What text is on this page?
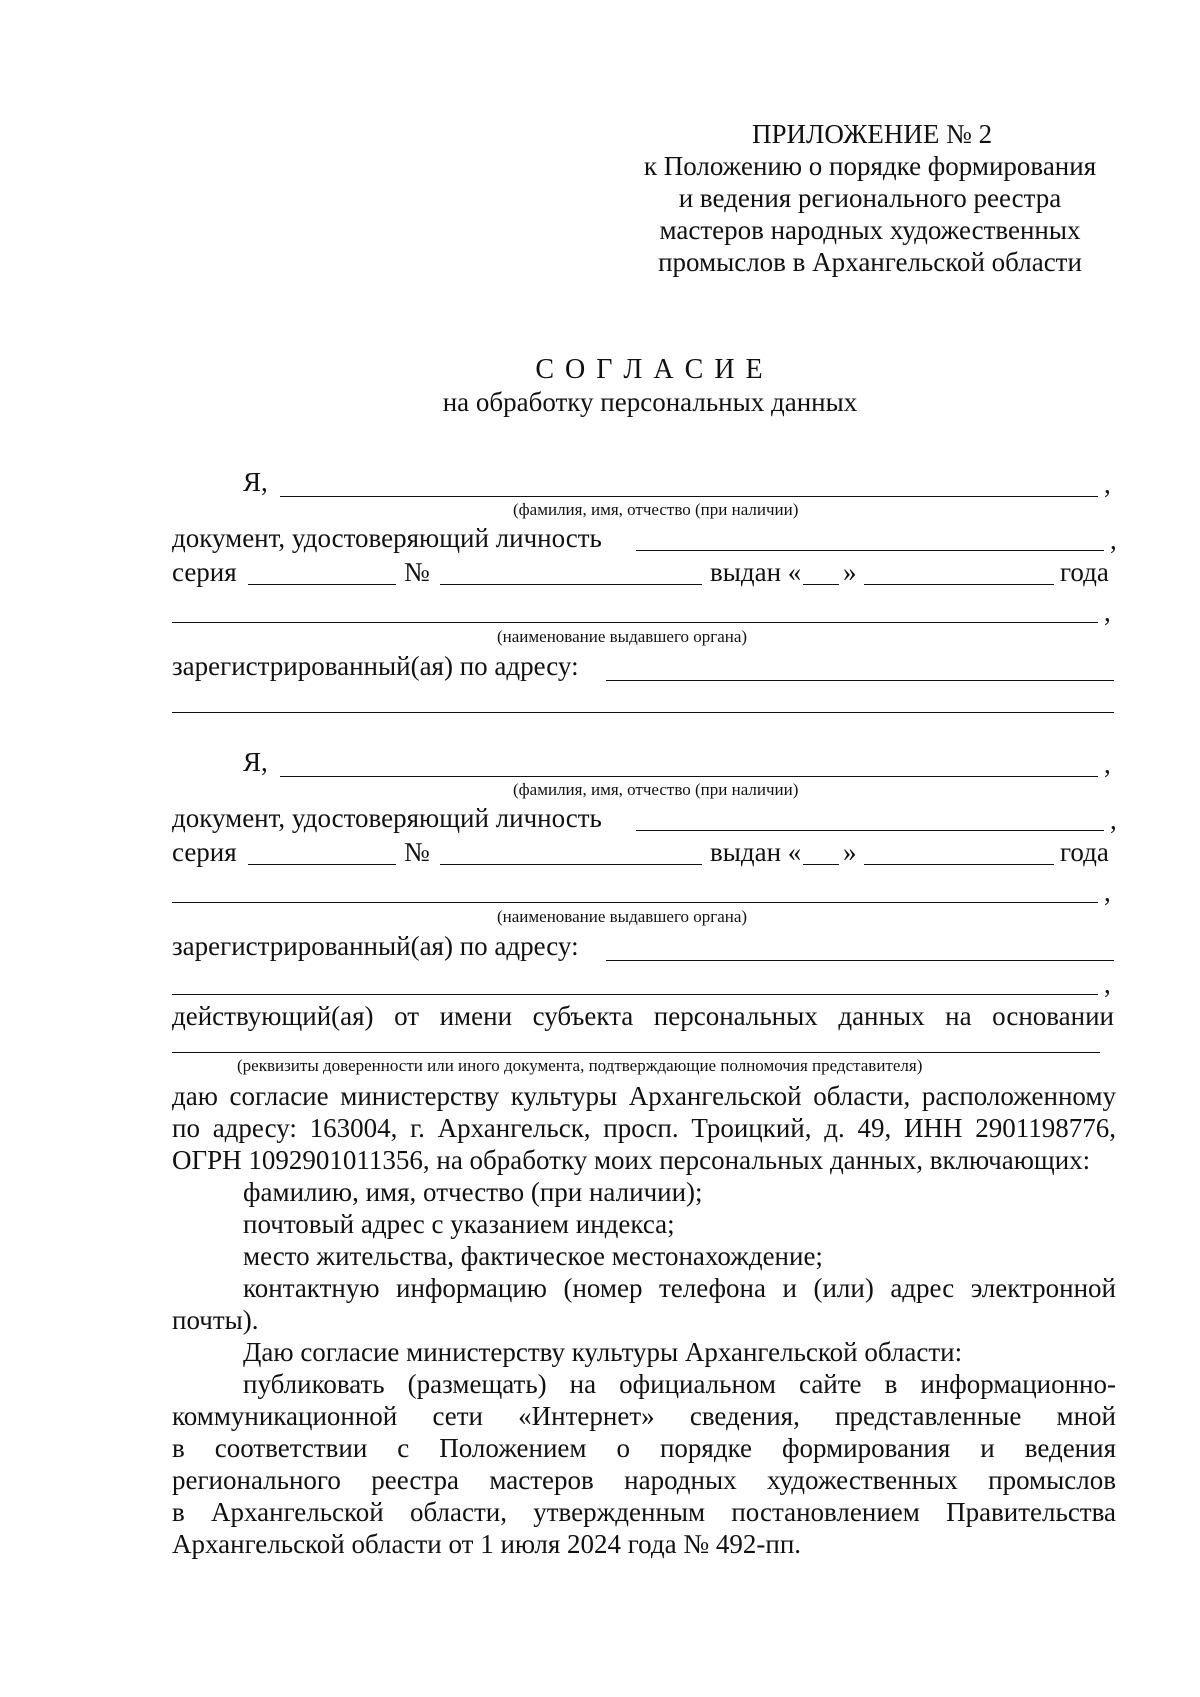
ПРИЛОЖЕНИЕ № 2
к Положению о порядке формирования
и ведения регионального реестра
мастеров народных художественных
промыслов в Архангельской области
С О Г Л А С И Е
на обработку персональных данных
Я,	,
(фамилия, имя, отчество (при наличии)
документ, удостоверяющий личность	,
серия	№	выдан « »	года
,
(наименование выдавшего органа)
зарегистрированный(ая) по адресу:
Я,	,
(фамилия, имя, отчество (при наличии)
документ, удостоверяющий личность	,
серия	№	выдан « »	года
,
(наименование выдавшего органа)
зарегистрированный(ая) по адресу:
,
действующий(ая) от имени субъекта персональных данных на основании
(реквизиты доверенности или иного документа, подтверждающие полномочия представителя)
даю согласие министерству культуры Архангельской области, расположенному
по адресу: 163004, г. Архангельск, просп. Троицкий, д. 49, ИНН 2901198776,
ОГРН 1092901011356, на обработку моих персональных данных, включающих:
фамилию, имя, отчество (при наличии);
почтовый адрес с указанием индекса;
место жительства, фактическое местонахождение;
контактную информацию (номер телефона и (или) адрес электронной
почты).
Даю согласие министерству культуры Архангельской области:
публиковать (размещать) на официальном сайте в информационно-
коммуникационной сети «Интернет» сведения, представленные мной
в соответствии с Положением о порядке формирования и ведения
регионального реестра мастеров народных художественных промыслов
в Архангельской области, утвержденным постановлением Правительства
Архангельской области от 1 июля 2024 года № 492-пп.
